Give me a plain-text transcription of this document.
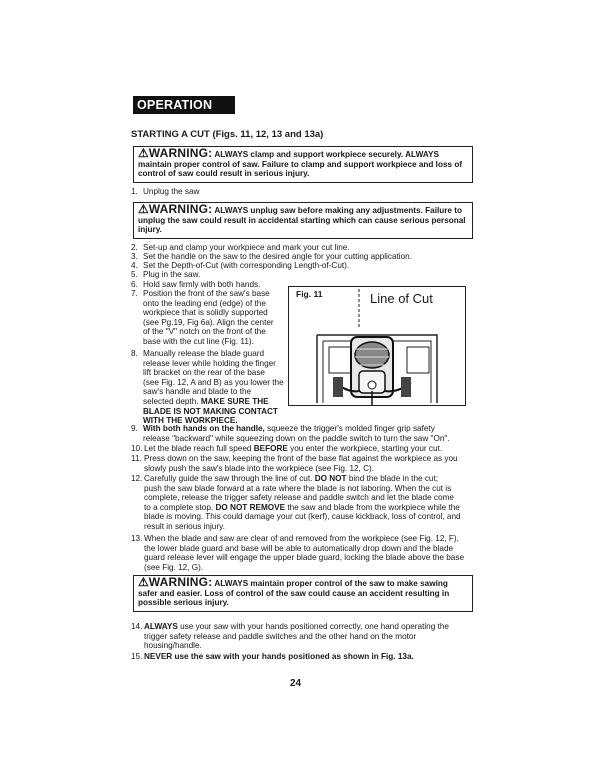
OPERATION cont.
STARTING A CUT (Figs. 11, 12, 13 and 13a)
⚠WARNING: ALWAYS clamp and support workpiece securely. ALWAYS maintain proper control of saw. Failure to clamp and support workpiece and loss of control of saw could result in serious injury.
1. Unplug the saw
⚠WARNING: ALWAYS unplug saw before making any adjustments. Failure to unplug the saw could result in accidental starting which can cause serious personal injury.
2. Set-up and clamp your workpiece and mark your cut line.
3. Set the handle on the saw to the desired angle for your cutting application.
4. Set the Depth-of-Cut (with corresponding Length-of-Cut).
5. Plug in the saw.
6. Hold saw firmly with both hands.
7. Position the front of the saw's base
onto the leading end (edge) of the
workpiece that is solidly supported
(see Pg.19, Fig 6a). Align the center
of the "V" notch on the front of the
base with the cut line (Fig. 11).
8. Manually release the blade guard
release lever while holding the finger
lift bracket on the rear of the base
(see Fig. 12, A and B) as you lower the
saw's handle and blade to the
selected depth. MAKE SURE THE
BLADE IS NOT MAKING CONTACT
WITH THE WORKPIECE.
Fig. 11	Line of Cut
9. With both hands on the handle, squeeze the trigger's molded finger grip safety
release "backward" while squeezing down on the paddle switch to turn the saw "On".
10. Let the blade reach full speed BEFORE you enter the workpiece, starting your cut.
11. Press down on the saw, keeping the front of the base flat against the workpiece as you
slowly push the saw's blade into the workpiece (see Fig. 12, C).
12. Carefully guide the saw through the line of cut. DO NOT bind the blade in the cut;
push the saw blade forward at a rate where the blade is not laboring. When the cut is
complete, release the trigger safety release and paddle switch and let the blade come
to a complete stop. DO NOT REMOVE the saw and blade from the workpiece while the
blade is moving. This could damage your cut (kerf), cause kickback, loss of control, and
result in serious injury.
13. When the blade and saw are clear of and removed from the workpiece (see Fig. 12, F),
the lower blade guard and base will be able to automatically drop down and the blade
guard release lever will engage the upper blade guard, locking the blade above the base
(see Fig. 12, G).
⚠WARNING: ALWAYS maintain proper control of the saw to make sawing safer and easier. Loss of control of the saw could cause an accident resulting in possible serious injury.
14. ALWAYS use your saw with your hands positioned correctly, one hand operating the
trigger safety release and paddle switches and the other hand on the motor
housing/handle.
15. NEVER use the saw with your hands positioned as shown in Fig. 13a.
24
